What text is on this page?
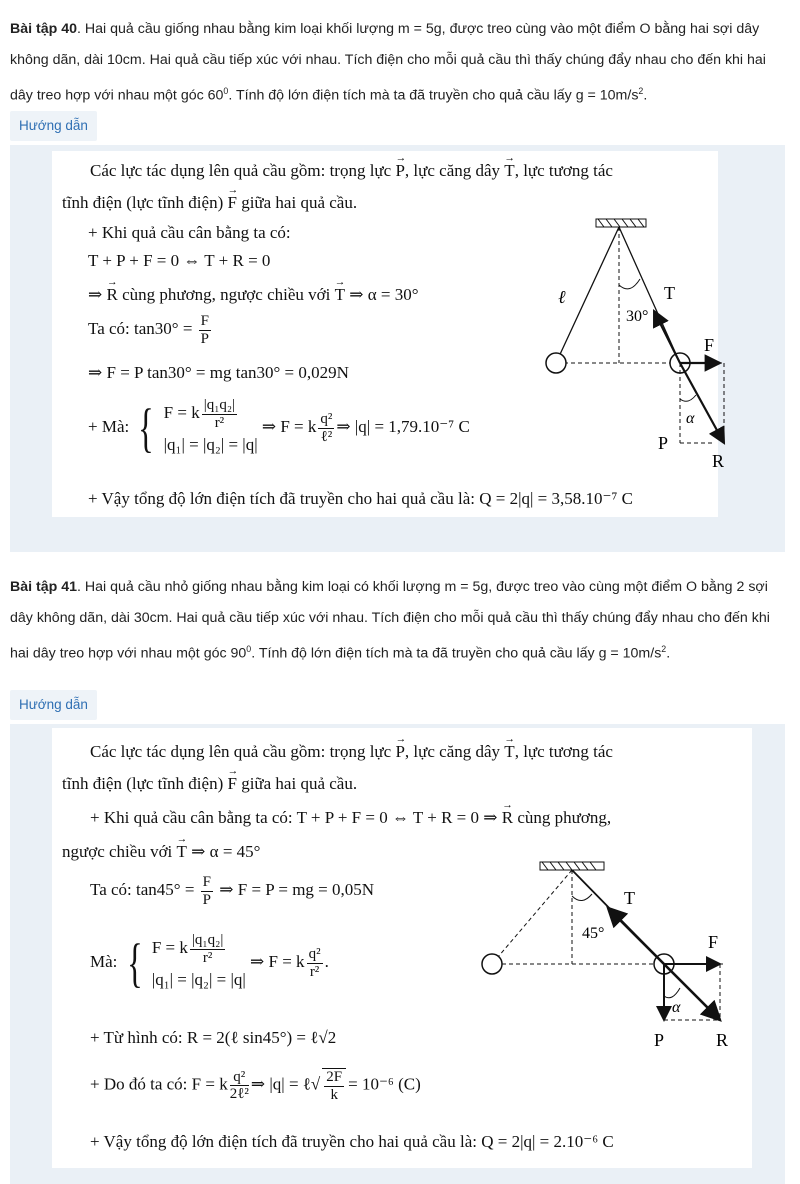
Bài tập 40. Hai quả cầu giống nhau bằng kim loại khối lượng m = 5g, được treo cùng vào một điểm O bằng hai sợi dây không dãn, dài 10cm. Hai quả cầu tiếp xúc với nhau. Tích điện cho mỗi quả cầu thì thấy chúng đẩy nhau cho đến khi hai dây treo hợp với nhau một góc $60^0$. Tính độ lớn điện tích mà ta đã truyền cho quả cầu lấy $g = 10m/s^2$.
Hướng dẫn
Các lực tác dụng lên quả cầu gồm: trọng lực → P, lực căng dây → T, lực tương tác
tĩnh điện (lực tĩnh điện) → F giữa hai quả cầu.
+ Khi quả cầu cân bằng ta có:
T + P + F = 0 ⇔ T + R = 0
⇒ → R cùng phương, ngược chiều với → T ⇒ α = 30°
Ta có: $\tan 30^\circ = \frac{F}{P}$
⇒ F = P tan30° = mg tan30° = 0,029N
+ Mà: { F = k $\frac{\text{|q₁q₂|}}{\text{r²}}$
|q₁| = |q₂| = |q|
⇒ F = k $\frac{\text{q²}}{\text{ℓ²}}$ ⇒ |q| = 1,79.10⁻⁷ C
+ Vậy tổng độ lớn điện tích đã truyền cho hai quả cầu là: Q = 2|q| = 3,58.10⁻⁷ C
ℓ	T
30°
F
P
R
α
Bài tập 41. Hai quả cầu nhỏ giống nhau bằng kim loại có khối lượng m = 5g, được treo vào cùng một điểm O bằng 2 sợi dây không dãn, dài 30cm. Hai quả cầu tiếp xúc với nhau. Tích điện cho mỗi quả cầu thì thấy chúng đẩy nhau cho đến khi hai dây treo hợp với nhau một góc $90^0$. Tính độ lớn điện tích mà ta đã truyền cho quả cầu lấy $g = 10m/s^2$.
Hướng dẫn
Các lực tác dụng lên quả cầu gồm: trọng lực → P, lực căng dây → T, lực tương tác
tĩnh điện (lực tĩnh điện) → F giữa hai quả cầu.
+ Khi quả cầu cân bằng ta có: T + P + F = 0 ⇔ T + R = 0 ⇒ → R cùng phương,
ngược chiều với → T ⇒ α = 45°
Ta có: $\tan 45^\circ = \frac{F}{P}$ ⇒ F = P = mg = 0,05N
Mà: { F = k $\frac{\text{|q₁q₂|}}{\text{r²}}$
|q₁| = |q₂| = |q|
⇒ F = k $\frac{\text{q²}}{\text{r²}}$ .
+ Từ hình có: R = 2(ℓ sin45°) = ℓ√2
+ Do đó ta có: F = k $\frac{\text{q²}}{\text{2ℓ²}}$ ⇒ |q| = ℓ√ $\frac{2F}{k} = 10^{-6}$ (C)
+ Vậy tổng độ lớn điện tích đã truyền cho hai quả cầu là: Q = 2|q| = 2.10⁻⁶ C
T
45°	F
P	R
α
